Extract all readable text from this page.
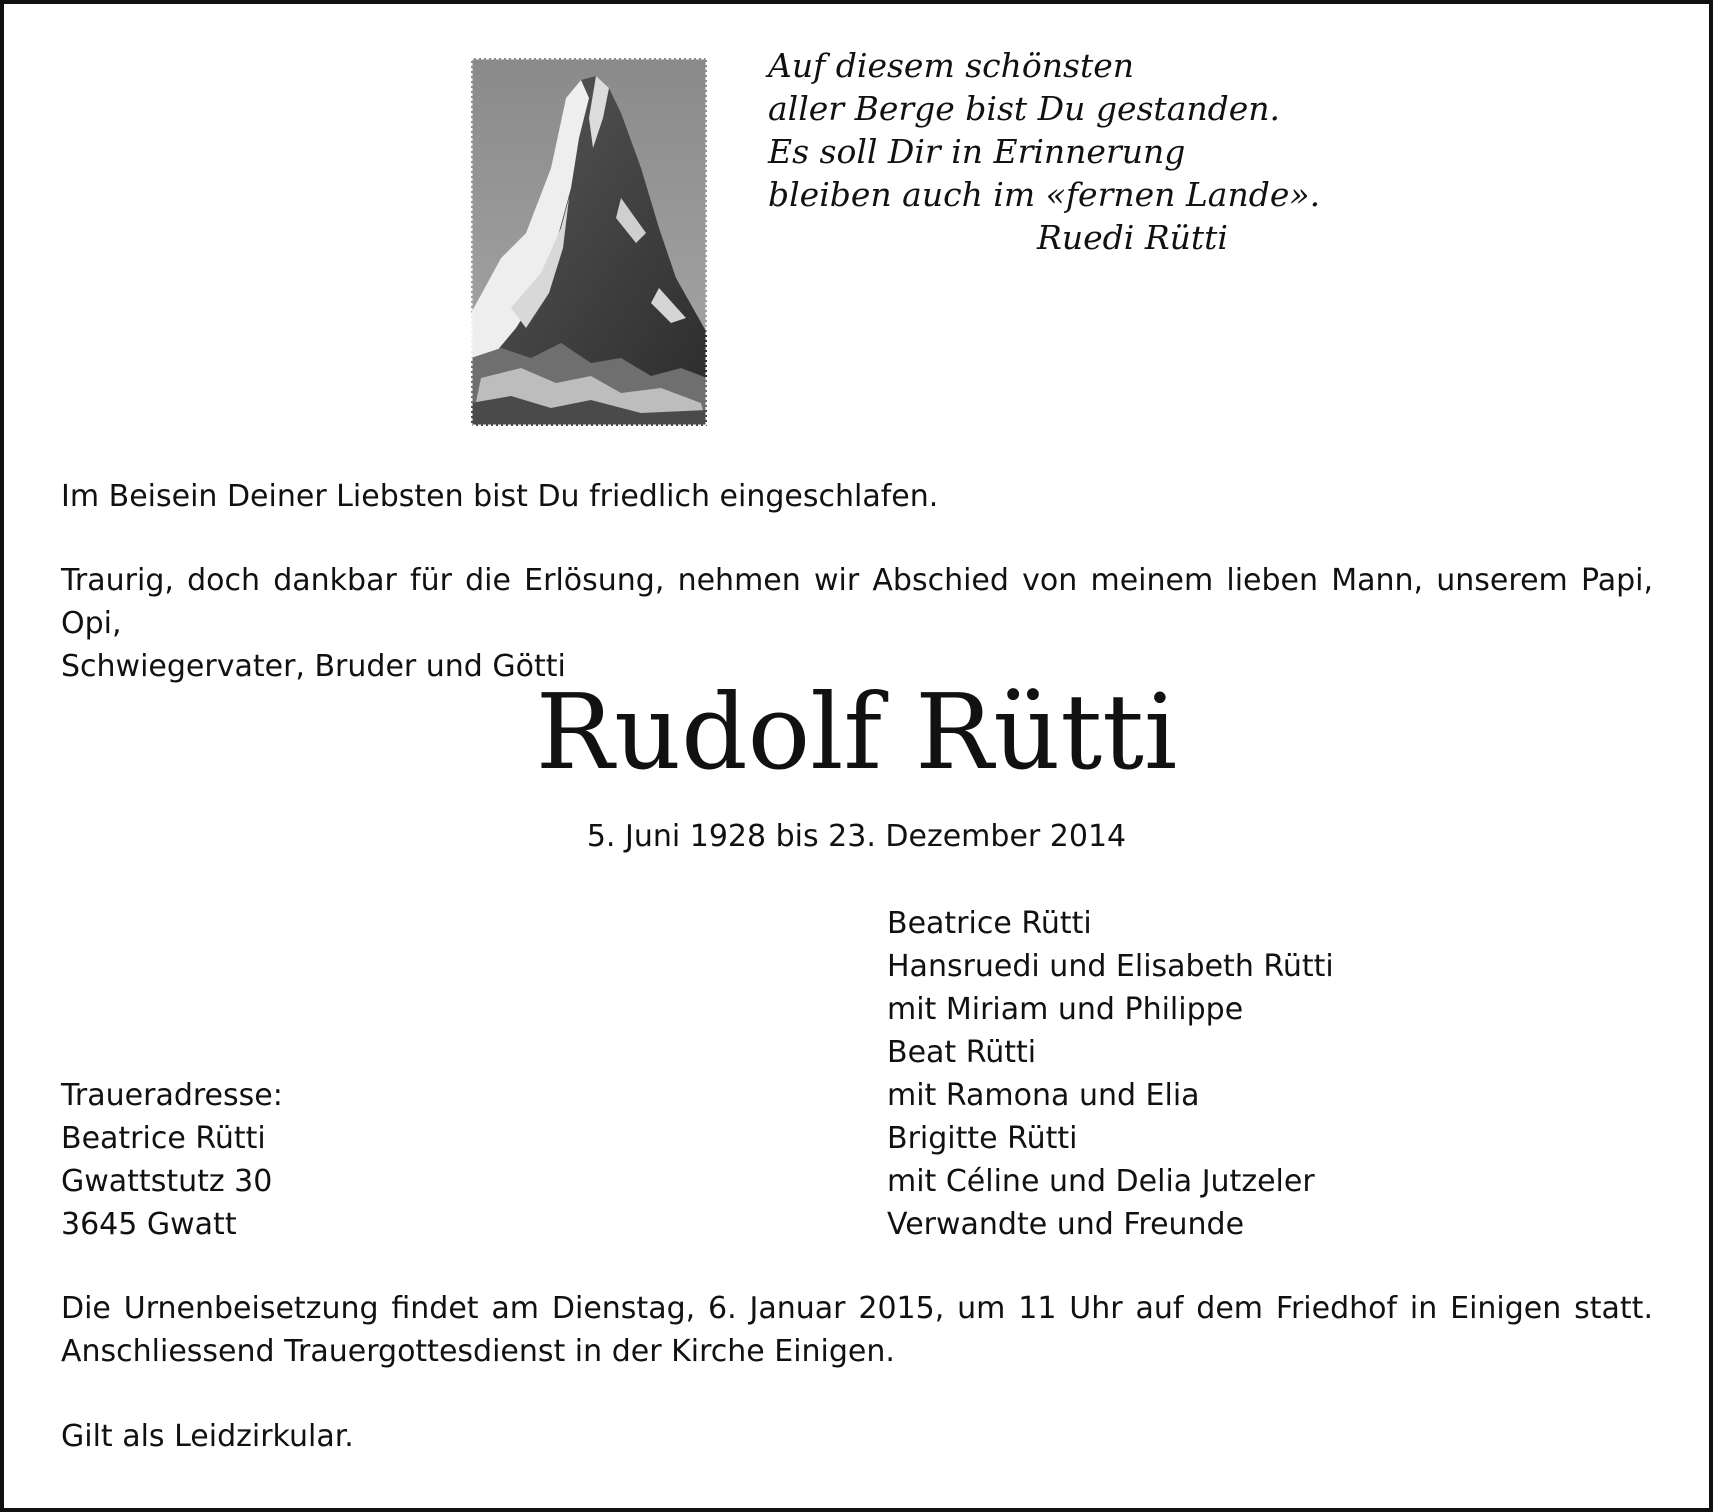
Auf diesem schönsten
aller Berge bist Du gestanden.
Es soll Dir in Erinnerung
bleiben auch im «fernen Lande».
Ruedi Rütti
Im Beisein Deiner Liebsten bist Du friedlich eingeschlafen.
Traurig, doch dankbar für die Erlösung, nehmen wir Abschied von meinem lieben Mann, unserem Papi, Opi,
Schwiegervater, Bruder und Götti
Rudolf Rütti
5. Juni 1928 bis 23. Dezember 2014
Beatrice Rütti
Hansruedi und Elisabeth Rütti
mit Miriam und Philippe
Beat Rütti
mit Ramona und Elia
Brigitte Rütti
mit Céline und Delia Jutzeler
Verwandte und Freunde
Traueradresse:
Beatrice Rütti
Gwattstutz 30
3645 Gwatt
Die Urnenbeisetzung findet am Dienstag, 6. Januar 2015, um 11 Uhr auf dem Friedhof in Einigen statt.
Anschliessend Trauergottesdienst in der Kirche Einigen.
Gilt als Leidzirkular.
